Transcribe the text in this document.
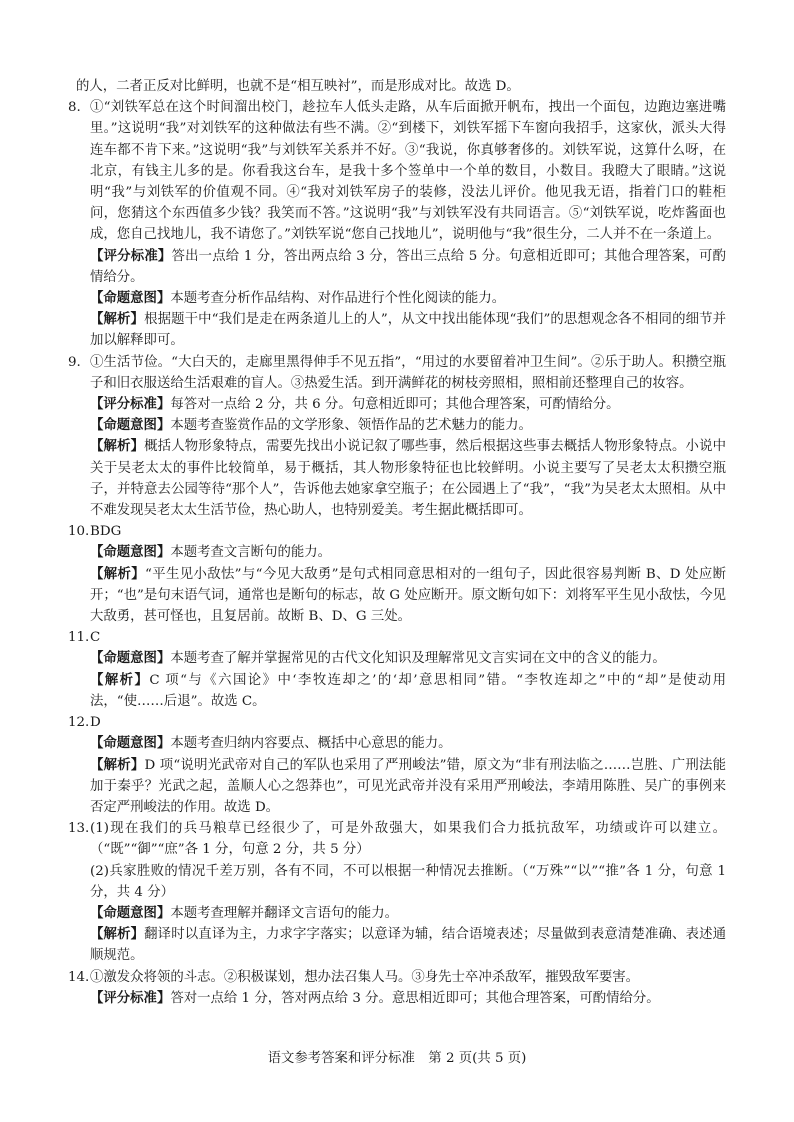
的人，二者正反对比鲜明，也就不是“相互映衬”，而是形成对比。故选 D。

8. ①“刘铁军总在这个时间溜出校门，趁拉车人低头走路，从车后面掀开帆布，拽出一个面包，边跑边塞进嘴里。”这说明“我”对刘铁军的这种做法有些不满。②“到楼下，刘铁军摇下车窗向我招手，这家伙，派头大得连车都不肯下来。”这说明“我”与刘铁军关系并不好。③“我说，你真够奢侈的。刘铁军说，这算什么呀，在北京，有钱主儿多的是。你看我这台车，是我十多个签单中一个单的数目，小数目。我瞪大了眼睛。”这说明“我”与刘铁军的价值观不同。④“我对刘铁军房子的装修，没法儿评价。他见我无语，指着门口的鞋柜问，您猜这个东西值多少钱？我笑而不答。”这说明“我”与刘铁军没有共同语言。⑤“刘铁军说，吃炸酱面也成，您自己找地儿，我不请您了。”刘铁军说“您自己找地儿”，说明他与“我”很生分，二人并不在一条道上。

【评分标准】答出一点给 1 分，答出两点给 3 分，答出三点给 5 分。句意相近即可；其他合理答案，可酌情给分。

【命题意图】本题考查分析作品结构、对作品进行个性化阅读的能力。

【解析】根据题干中“我们是走在两条道儿上的人”，从文中找出能体现“我们”的思想观念各不相同的细节并加以解释即可。

9. ①生活节俭。“大白天的，走廊里黑得伸手不见五指”，“用过的水要留着冲卫生间”。②乐于助人。积攒空瓶子和旧衣服送给生活艰难的盲人。③热爱生活。到开满鲜花的树枝旁照相，照相前还整理自己的妆容。

【评分标准】每答对一点给 2 分，共 6 分。句意相近即可；其他合理答案，可酌情给分。

【命题意图】本题考查鉴赏作品的文学形象、领悟作品的艺术魅力的能力。

【解析】概括人物形象特点，需要先找出小说记叙了哪些事，然后根据这些事去概括人物形象特点。小说中关于吴老太太的事件比较简单，易于概括，其人物形象特征也比较鲜明。小说主要写了吴老太太积攒空瓶子，并特意去公园等待“那个人”，告诉他去她家拿空瓶子；在公园遇上了“我”，“我”为吴老太太照相。从中不难发现吴老太太生活节俭，热心助人，也特别爱美。考生据此概括即可。

10. BDG

【命题意图】本题考查文言断句的能力。

【解析】“平生见小敌怯”与“今见大敌勇”是句式相同意思相对的一组句子，因此很容易判断 B、D 处应断开；“也”是句末语气词，通常也是断句的标志，故 G 处应断开。原文断句如下：刘将军平生见小敌怯，今见大敌勇，甚可怪也，且复居前。故断 B、D、G 三处。

11. C

【命题意图】本题考查了解并掌握常见的古代文化知识及理解常见文言实词在文中的含义的能力。

【解析】C 项“与《六国论》中‘李牧连却之’的‘却’意思相同”错。“李牧连却之”中的“却”是使动用法，“使……后退”。故选 C。

12. D

【命题意图】本题考查归纳内容要点、概括中心意思的能力。

【解析】D 项“说明光武帝对自己的军队也采用了严刑峻法”错，原文为“非有刑法临之……岂胜、广刑法能加于秦乎？光武之起，盖顺人心之怨莽也”，可见光武帝并没有采用严刑峻法，李靖用陈胜、吴广的事例来否定严刑峻法的作用。故选 D。

13. (1)现在我们的兵马粮草已经很少了，可是外敌强大，如果我们合力抵抗敌军，功绩或许可以建立。（“既”“御”“庶”各 1 分，句意 2 分，共 5 分）

(2)兵家胜败的情况千差万别，各有不同，不可以根据一种情况去推断。（“万殊”“以”“推”各 1 分，句意 1 分，共 4 分）

【命题意图】本题考查理解并翻译文言语句的能力。

【解析】翻译时以直译为主，力求字字落实；以意译为辅，结合语境表述；尽量做到表意清楚准确、表述通顺规范。

14. ①激发众将领的斗志。②积极谋划，想办法召集人马。③身先士卒冲杀敌军，摧毁敌军要害。

【评分标准】答对一点给 1 分，答对两点给 3 分。意思相近即可；其他合理答案，可酌情给分。

语文参考答案和评分标准　第 2 页(共 5 页)
